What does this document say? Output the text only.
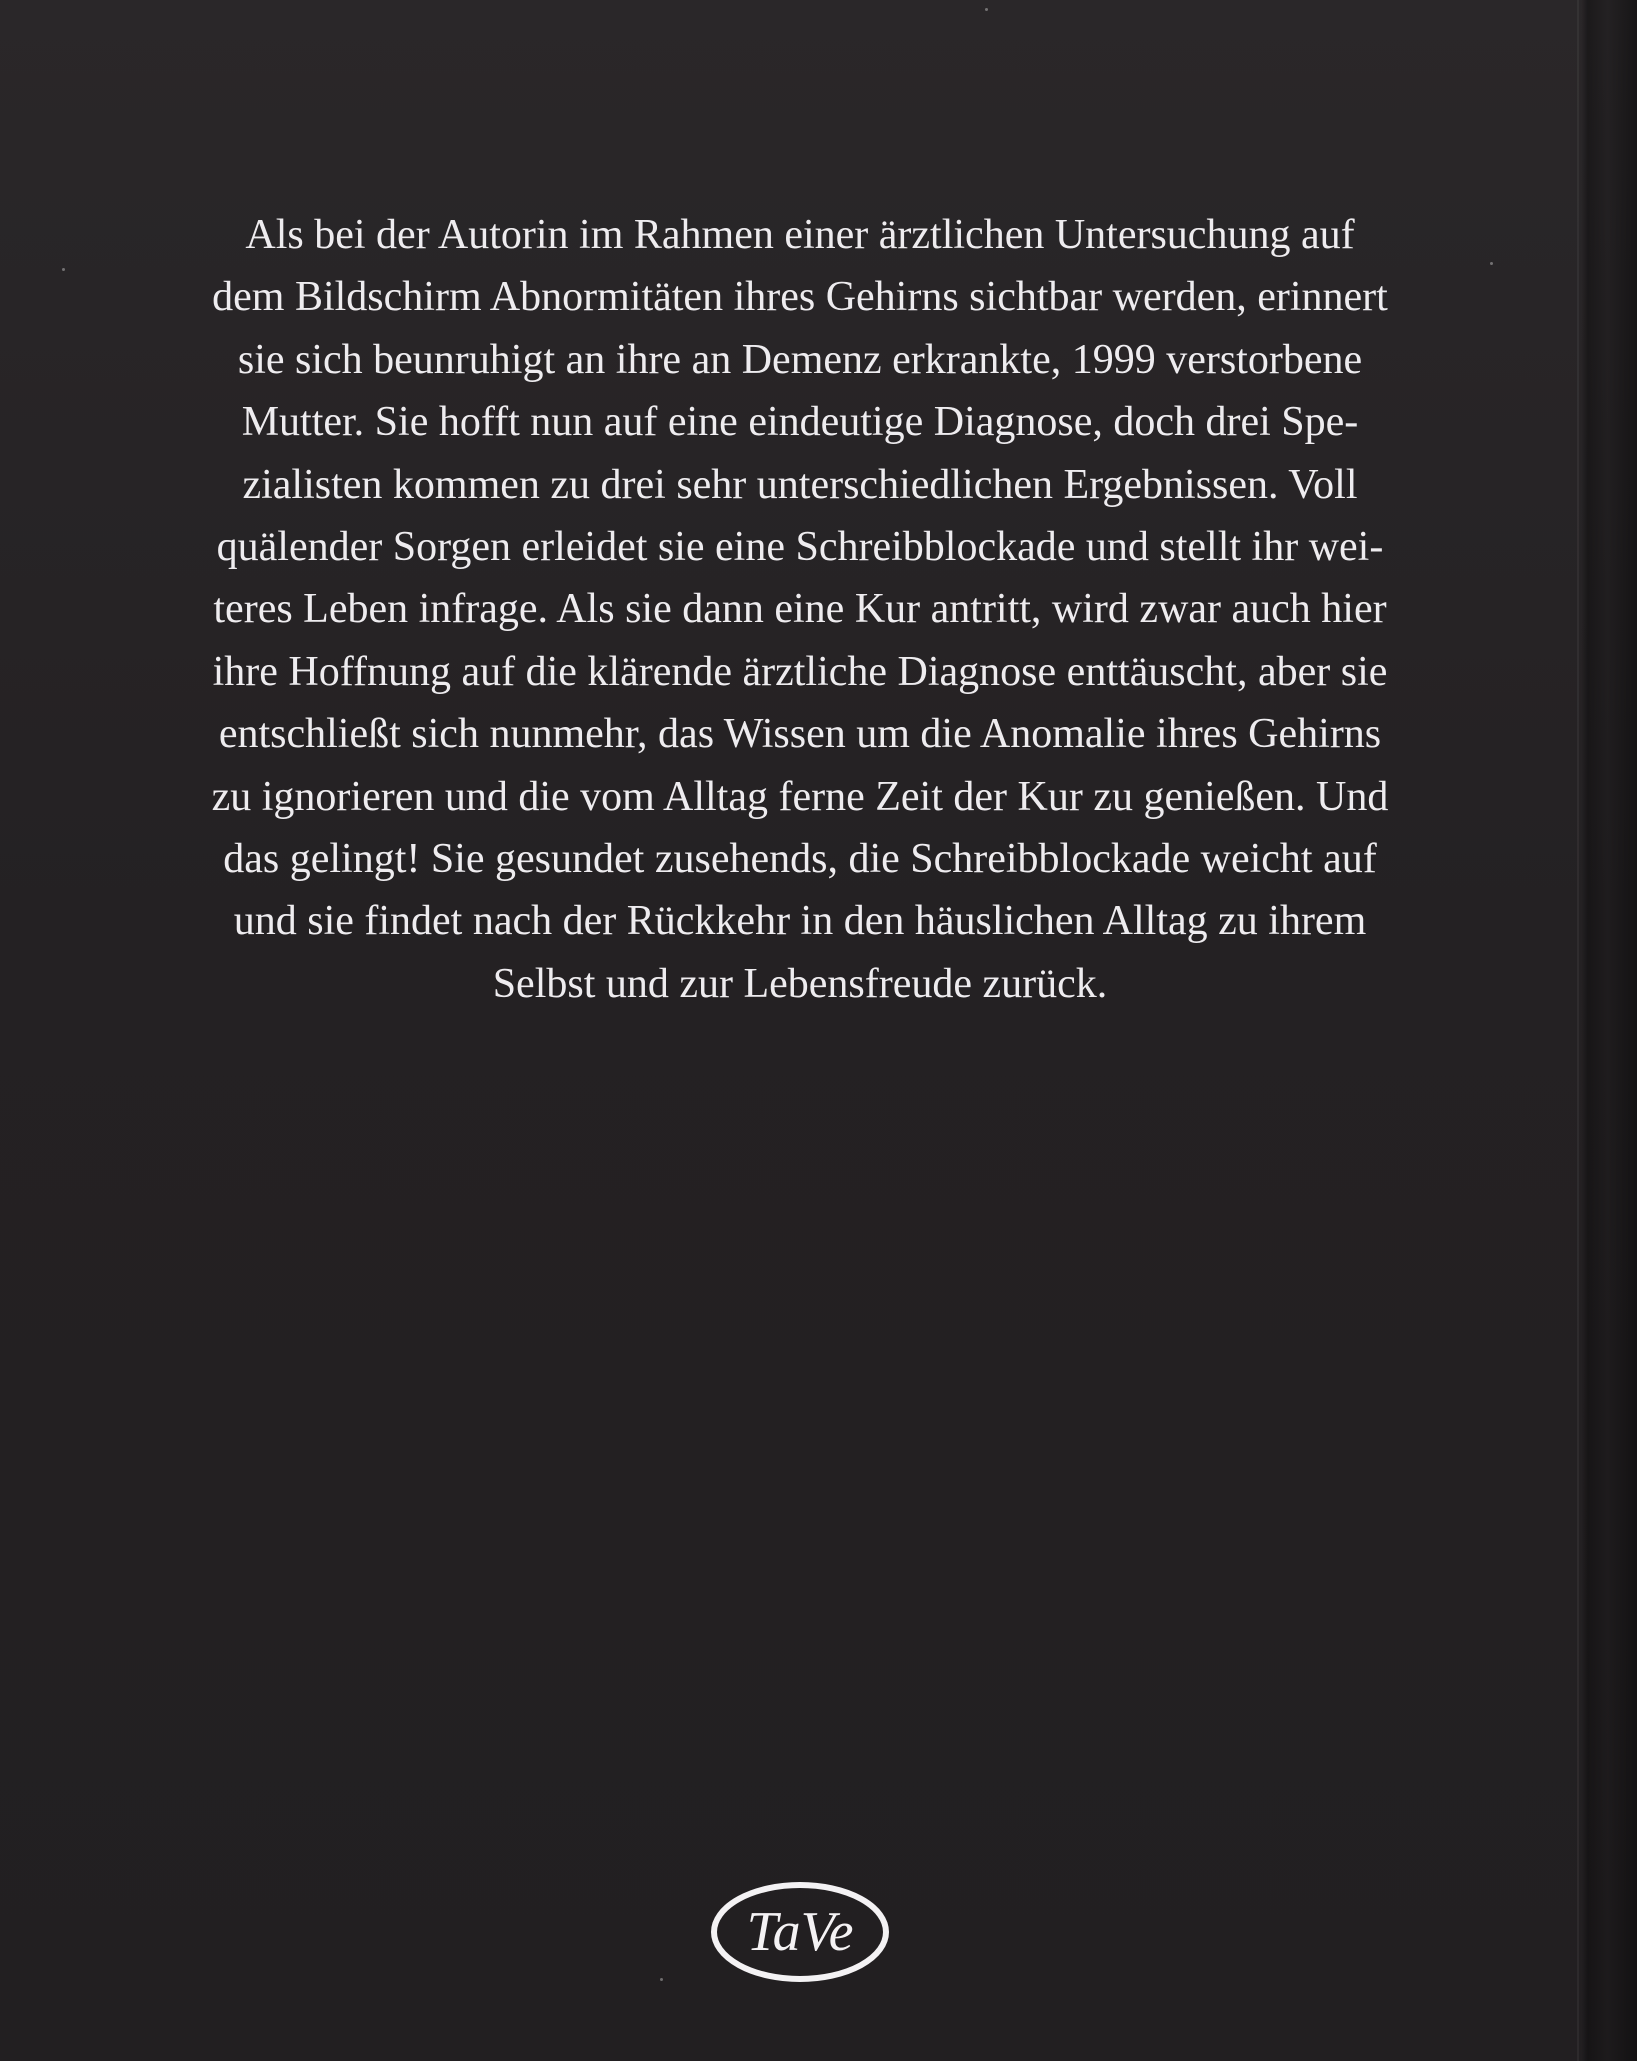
Als bei der Autorin im Rahmen einer ärztlichen Untersuchung auf
dem Bildschirm Abnormitäten ihres Gehirns sichtbar werden, erinnert
sie sich beunruhigt an ihre an Demenz erkrankte, 1999 verstorbene
Mutter. Sie hofft nun auf eine eindeutige Diagnose, doch drei Spe-
zialisten kommen zu drei sehr unterschiedlichen Ergebnissen. Voll
quälender Sorgen erleidet sie eine Schreibblockade und stellt ihr wei-
teres Leben infrage. Als sie dann eine Kur antritt, wird zwar auch hier
ihre Hoffnung auf die klärende ärztliche Diagnose enttäuscht, aber sie
entschließt sich nunmehr, das Wissen um die Anomalie ihres Gehirns
zu ignorieren und die vom Alltag ferne Zeit der Kur zu genießen. Und
das gelingt! Sie gesundet zusehends, die Schreibblockade weicht auf
und sie findet nach der Rückkehr in den häuslichen Alltag zu ihrem
Selbst und zur Lebensfreude zurück.

TaVe
